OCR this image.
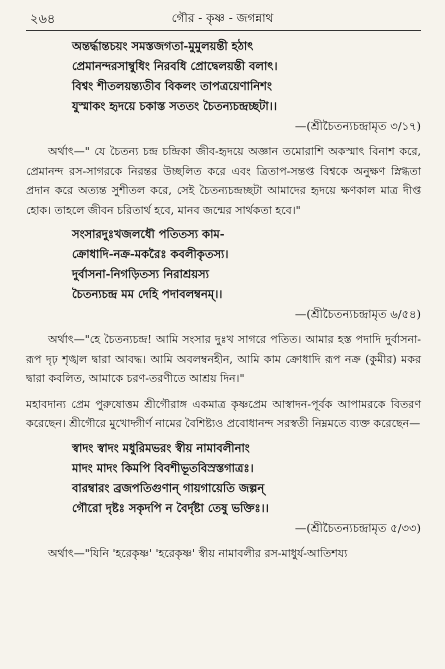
২৬৪	গৌর - কৃষ্ণ - জগন্নাথ
অন্তর্দ্ধান্তচয়ং সমস্তজগতা-মুমুলয়ন্তী হঠাৎ
প্রেমানন্দরসাম্বুধিং নিরবধি প্রোদ্বেলয়ন্তী বলাৎ।
বিশ্বং শীতলয়ন্ত্যতীব বিকলং তাপত্রয়েণানিশং
যুস্মাকং হৃদয়ে চকাস্ত সততং চৈতন্যচন্দ্রচ্ছটা।।
—(শ্রীচৈতন্যচন্দ্রামৃত ৩/১৭)

অর্থাৎ—" যে চৈতন্য চন্দ্র চন্দ্রিকা জীব-হৃদয়ে অজ্ঞান তমোরাশি অকস্মাৎ বিনাশ করে, প্রেমানন্দ রস-সাগরকে নিরন্তর উচ্ছলিত করে এবং ত্রিতাপ-সন্তপ্ত বিশ্বকে অনুক্ষণ স্নিগ্ধতা প্রদান করে অত্যন্ত সুশীতল করে, সেই চৈতন্যচন্দ্রচ্ছটা আমাদের হৃদয়ে ক্ষণকাল মাত্র দীপ্ত হোক। তাহলে জীবন চরিতার্থ হবে, মানব জন্মের সার্থকতা হবে।"

সংসারদুঃখজলধৌ পতিতস্য কাম-
ক্রোধাদি-নক্র-মকরৈঃ কবলীকৃতস্য।
দুর্বাসনা-নিগড়িতস্য নিরাশ্রয়স্য
চৈতন্যচন্দ্র মম দেহি পদাবলম্বনম্।।
—(শ্রীচৈতন্যচন্দ্রামৃত ৬/৫৪)

অর্থাৎ—"হে চৈতন্যচন্দ্র! আমি সংসার দুঃখ সাগরে পতিত। আমার হস্ত পদাদি দুর্বাসনা-রূপ দৃঢ় শৃঙ্খল দ্বারা আবদ্ধ। আমি অবলম্বনহীন, আমি কাম ক্রোধাদি রূপ নক্র (কুমীর) মকর দ্বারা কবলিত, আমাকে চরণ-তরণীতে আশ্রয় দিন।"

মহাবদান্য প্রেম পুরুষোত্তম শ্রীগৌরাঙ্গ একমাত্র কৃষ্ণপ্রেম আস্বাদন-পূর্বক আপামরকে বিতরণ করেছেন। শ্রীগৌরে মুখোদ্গীর্ণ নামের বৈশিষ্ট্যও প্রবোধানন্দ সরস্বতী নিম্নমতে ব্যক্ত করেছেন—

স্বাদং স্বাদং মধুরিমভরং স্বীয় নামাবলীনাং
মাদং মাদং কিমপি বিবশীভূতবিস্রস্তগাত্রঃ।
বারম্বারং ব্রজপতিগুণান্ গায়গায়েতি জল্পন্
গৌরো দৃষ্টঃ সকৃদপি ন বৈর্দৃষ্টা তেষু ভক্তিঃ।।
—(শ্রীচৈতন্যচন্দ্রামৃত ৫/৩৩)

অর্থাৎ—"যিনি 'হরেকৃষ্ণ' 'হরেকৃষ্ণ' স্বীয় নামাবলীর রস-মাধুর্য-আতিশয্য
